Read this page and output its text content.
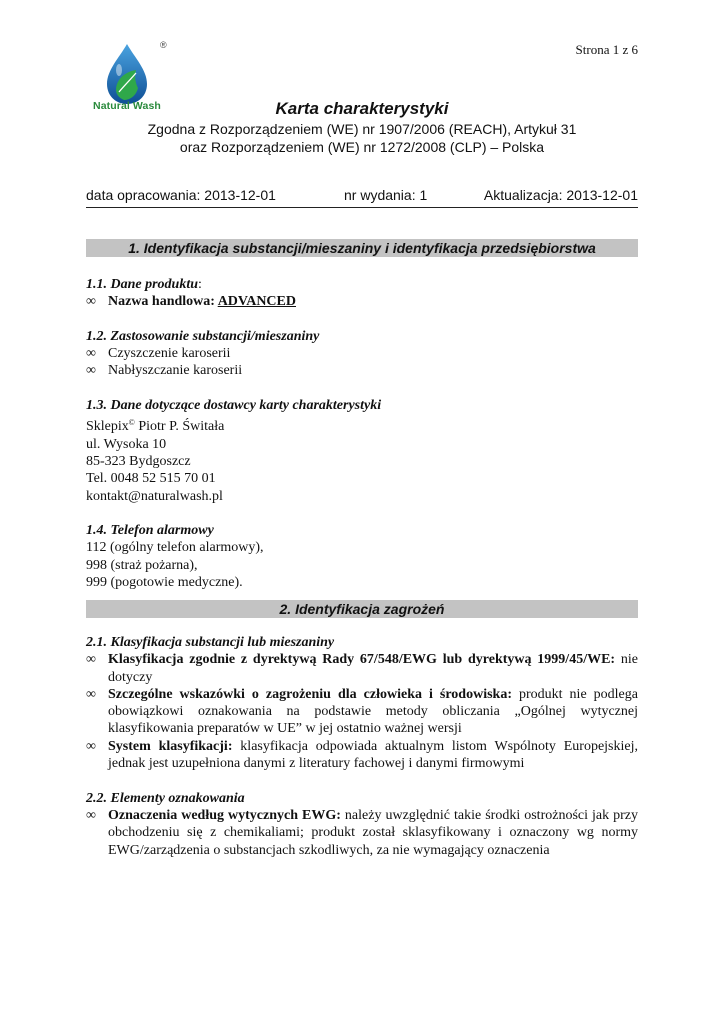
®
Natural Wash
Strona 1 z 6
Karta charakterystyki
Zgodna z Rozporządzeniem (WE) nr 1907/2006 (REACH), Artykuł 31
oraz Rozporządzeniem (WE) nr 1272/2008 (CLP) – Polska
data opracowania: 2013-12-01	nr wydania: 1	Aktualizacja: 2013-12-01
1. Identyfikacja substancji/mieszaniny i identyfikacja przedsiębiorstwa
1.1. Dane produktu:
∞ Nazwa handlowa: ADVANCED
1.2. Zastosowanie substancji/mieszaniny
∞ Czyszczenie karoserii
∞ Nabłyszczanie karoserii
1.3. Dane dotyczące dostawcy karty charakterystyki
Sklepix© Piotr P. Świtała
ul. Wysoka 10
85-323 Bydgoszcz
Tel. 0048 52 515 70 01
kontakt@naturalwash.pl
1.4. Telefon alarmowy
112 (ogólny telefon alarmowy),
998 (straż pożarna),
999 (pogotowie medyczne).
2. Identyfikacja zagrożeń
2.1. Klasyfikacja substancji lub mieszaniny
∞ Klasyfikacja zgodnie z dyrektywą Rady 67/548/EWG lub dyrektywą 1999/45/WE: nie dotyczy
∞ Szczególne wskazówki o zagrożeniu dla człowieka i środowiska: produkt nie podlega obowiązkowi oznakowania na podstawie metody obliczania „Ogólnej wytycznej klasyfikowania preparatów w UE” w jej ostatnio ważnej wersji
∞ System klasyfikacji: klasyfikacja odpowiada aktualnym listom Wspólnoty Europejskiej, jednak jest uzupełniona danymi z literatury fachowej i danymi firmowymi
2.2. Elementy oznakowania
∞ Oznaczenia według wytycznych EWG: należy uwzględnić takie środki ostrożności jak przy obchodzeniu się z chemikaliami; produkt został sklasyfikowany i oznaczony wg normy EWG/zarządzenia o substancjach szkodliwych, za nie wymagający oznaczenia
